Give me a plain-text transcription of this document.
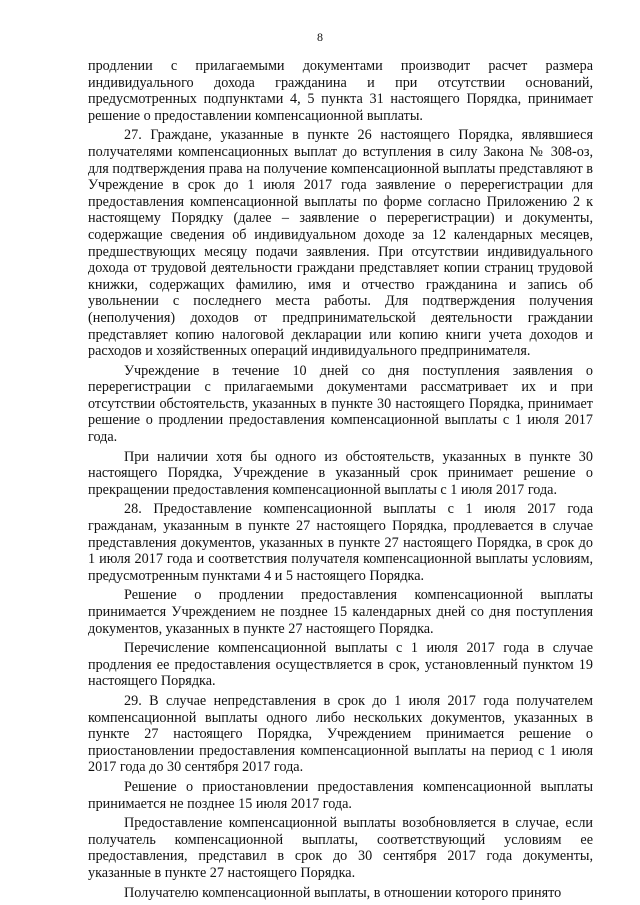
8

продлении с прилагаемыми документами производит расчет размера индивидуального дохода гражданина и при отсутствии оснований, предусмотренных подпунктами 4, 5 пункта 31 настоящего Порядка, принимает решение о предоставлении компенсационной выплаты.

27. Граждане, указанные в пункте 26 настоящего Порядка, являвшиеся получателями компенсационных выплат до вступления в силу Закона № 308-оз, для подтверждения права на получение компенсационной выплаты представляют в Учреждение в срок до 1 июля 2017 года заявление о перерегистрации для предоставления компенсационной выплаты по форме согласно Приложению 2 к настоящему Порядку (далее – заявление о перерегистрации) и документы, содержащие сведения об индивидуальном доходе за 12 календарных месяцев, предшествующих месяцу подачи заявления. При отсутствии индивидуального дохода от трудовой деятельности граждани представляет копии страниц трудовой книжки, содержащих фамилию, имя и отчество гражданина и запись об увольнении с последнего места работы. Для подтверждения получения (неполучения) доходов от предпринимательской деятельности граждании представляет копию налоговой декларации или копию книги учета доходов и расходов и хозяйственных операций индивидуального предпринимателя.

Учреждение в течение 10 дней со дня поступления заявления о перерегистрации с прилагаемыми документами рассматривает их и при отсутствии обстоятельств, указанных в пункте 30 настоящего Порядка, принимает решение о продлении предоставления компенсационной выплаты с 1 июля 2017 года.

При наличии хотя бы одного из обстоятельств, указанных в пункте 30 настоящего Порядка, Учреждение в указанный срок принимает решение о прекращении предоставления компенсационной выплаты с 1 июля 2017 года.

28. Предоставление компенсационной выплаты с 1 июля 2017 года гражданам, указанным в пункте 27 настоящего Порядка, продлевается в случае представления документов, указанных в пункте 27 настоящего Порядка, в срок до 1 июля 2017 года и соответствия получателя компенсационной выплаты условиям, предусмотренным пунктами 4 и 5 настоящего Порядка.

Решение о продлении предоставления компенсационной выплаты принимается Учреждением не позднее 15 календарных дней со дня поступления документов, указанных в пункте 27 настоящего Порядка.

Перечисление компенсационной выплаты с 1 июля 2017 года в случае продления ее предоставления осуществляется в срок, установленный пунктом 19 настоящего Порядка.

29. В случае непредставления в срок до 1 июля 2017 года получателем компенсационной выплаты одного либо нескольких документов, указанных в пункте 27 настоящего Порядка, Учреждением принимается решение о приостановлении предоставления компенсационной выплаты на период с 1 июля 2017 года до 30 сентября 2017 года.

Решение о приостановлении предоставления компенсационной выплаты принимается не позднее 15 июля 2017 года.

Предоставление компенсационной выплаты возобновляется в случае, если получатель компенсационной выплаты, соответствующий условиям ее предоставления, представил в срок до 30 сентября 2017 года документы, указанные в пункте 27 настоящего Порядка.

Получателю компенсационной выплаты, в отношении которого принято
